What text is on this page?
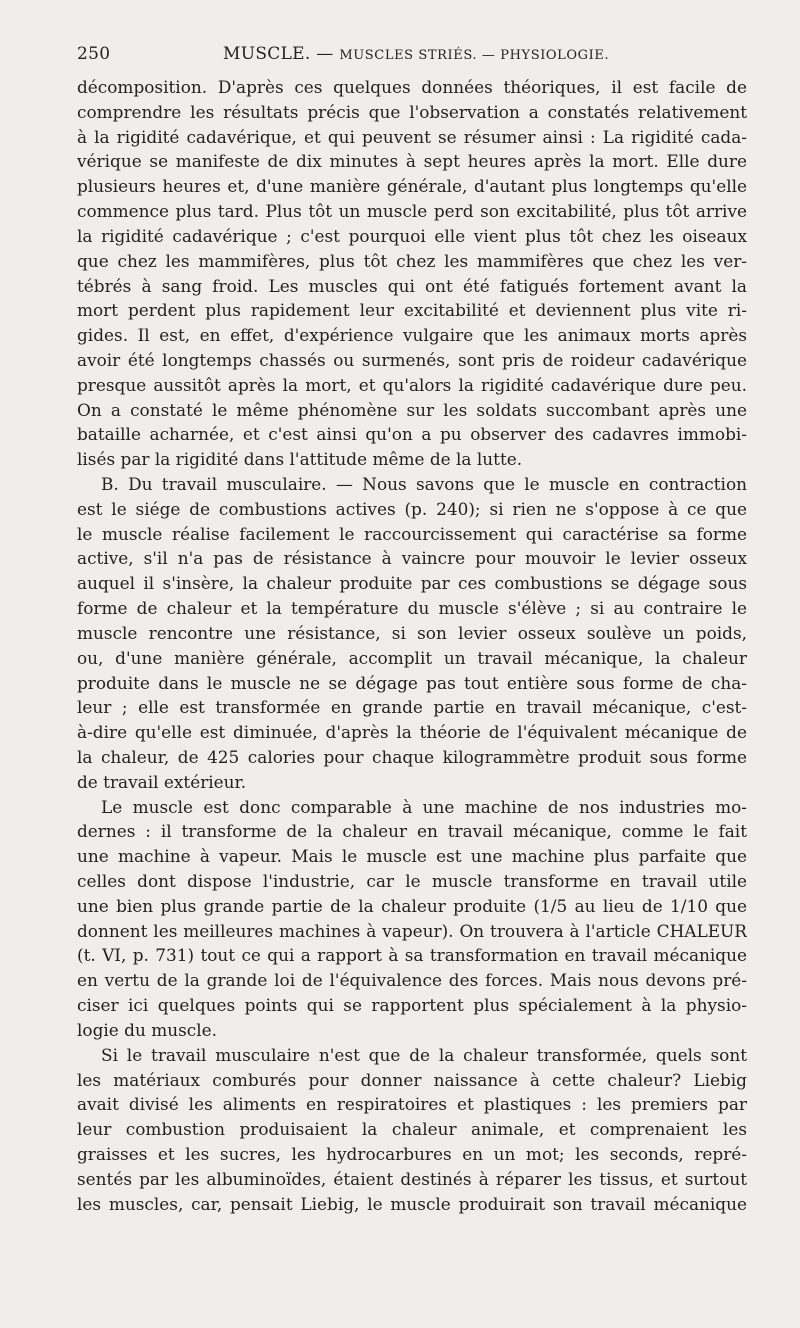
250	MUSCLE. — MUSCLES STRIÉS. — PHYSIOLOGIE.
décomposition. D'après ces quelques données théoriques, il est facile de
comprendre les résultats précis que l'observation a constatés relativement
à la rigidité cadavérique, et qui peuvent se résumer ainsi : La rigidité cada-
vérique se manifeste de dix minutes à sept heures après la mort. Elle dure
plusieurs heures et, d'une manière générale, d'autant plus longtemps qu'elle
commence plus tard. Plus tôt un muscle perd son excitabilité, plus tôt arrive
la rigidité cadavérique ; c'est pourquoi elle vient plus tôt chez les oiseaux
que chez les mammifères, plus tôt chez les mammifères que chez les ver-
tébrés à sang froid. Les muscles qui ont été fatigués fortement avant la
mort perdent plus rapidement leur excitabilité et deviennent plus vite ri-
gides. Il est, en effet, d'expérience vulgaire que les animaux morts après
avoir été longtemps chassés ou surmenés, sont pris de roideur cadavérique
presque aussitôt après la mort, et qu'alors la rigidité cadavérique dure peu.
On a constaté le même phénomène sur les soldats succombant après une
bataille acharnée, et c'est ainsi qu'on a pu observer des cadavres immobi-
lisés par la rigidité dans l'attitude même de la lutte.
B. Du travail musculaire. — Nous savons que le muscle en contraction
est le siége de combustions actives (p. 240); si rien ne s'oppose à ce que
le muscle réalise facilement le raccourcissement qui caractérise sa forme
active, s'il n'a pas de résistance à vaincre pour mouvoir le levier osseux
auquel il s'insère, la chaleur produite par ces combustions se dégage sous
forme de chaleur et la température du muscle s'élève ; si au contraire le
muscle rencontre une résistance, si son levier osseux soulève un poids,
ou, d'une manière générale, accomplit un travail mécanique, la chaleur
produite dans le muscle ne se dégage pas tout entière sous forme de cha-
leur ; elle est transformée en grande partie en travail mécanique, c'est-
à-dire qu'elle est diminuée, d'après la théorie de l'équivalent mécanique de
la chaleur, de 425 calories pour chaque kilogrammètre produit sous forme
de travail extérieur.
Le muscle est donc comparable à une machine de nos industries mo-
dernes : il transforme de la chaleur en travail mécanique, comme le fait
une machine à vapeur. Mais le muscle est une machine plus parfaite que
celles dont dispose l'industrie, car le muscle transforme en travail utile
une bien plus grande partie de la chaleur produite (1/5 au lieu de 1/10 que
donnent les meilleures machines à vapeur). On trouvera à l'article CHALEUR
(t. VI, p. 731) tout ce qui a rapport à sa transformation en travail mécanique
en vertu de la grande loi de l'équivalence des forces. Mais nous devons pré-
ciser ici quelques points qui se rapportent plus spécialement à la physio-
logie du muscle.
Si le travail musculaire n'est que de la chaleur transformée, quels sont
les matériaux comburés pour donner naissance à cette chaleur? Liebig
avait divisé les aliments en respiratoires et plastiques : les premiers par
leur combustion produisaient la chaleur animale, et comprenaient les
graisses et les sucres, les hydrocarbures en un mot; les seconds, repré-
sentés par les albuminoïdes, étaient destinés à réparer les tissus, et surtout
les muscles, car, pensait Liebig, le muscle produirait son travail mécanique
